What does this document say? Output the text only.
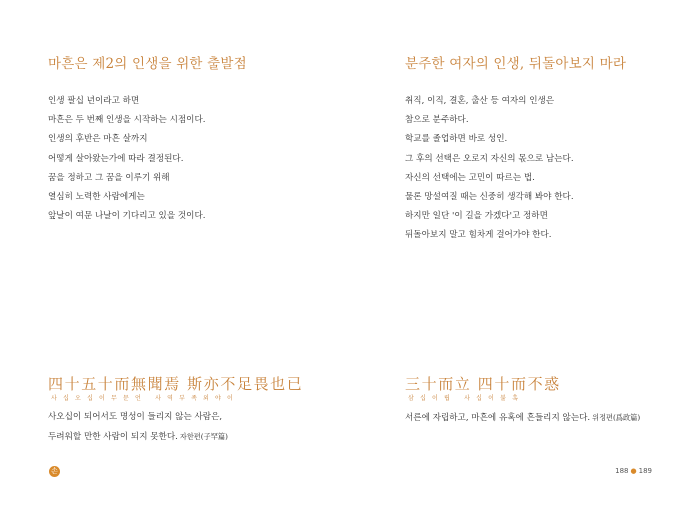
마흔은 제2의 인생을 위한 출발점
인생 팔십 년이라고 하면
마흔은 두 번째 인생을 시작하는 시점이다.
인생의 후반은 마흔 살까지
어떻게 살아왔는가에 따라 결정된다.
꿈을 정하고 그 꿈을 이루기 위해
열심히 노력한 사람에게는
앞날이 여문 나날이 기다리고 있을 것이다.
四十五十而無聞焉 斯亦不足畏也已
사십오십이무문언 사역부족외야이
사오십이 되어서도 명성이 들리지 않는 사람은,
두려워할 만한 사람이 되지 못한다. 자한편(子罕篇)
손
분주한 여자의 인생, 뒤돌아보지 마라
취직, 이직, 결혼, 출산 등 여자의 인생은
참으로 분주하다.
학교를 졸업하면 바로 성인.
그 후의 선택은 오로지 자신의 몫으로 남는다.
자신의 선택에는 고민이 따르는 법.
물론 망설여질 때는 신중히 생각해 봐야 한다.
하지만 일단 '이 길을 가겠다'고 정하면
뒤돌아보지 말고 힘차게 걸어가야 한다.
三十而立 四十而不惑
삼십이립 사십이불혹
서른에 자립하고, 마흔에 유혹에 흔들리지 않는다. 위정편(爲政篇)
188 ● 189
